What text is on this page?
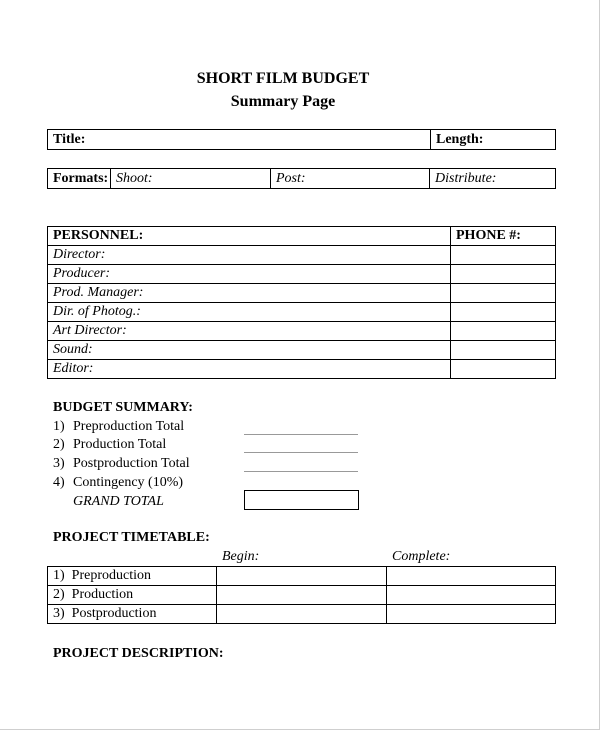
SHORT FILM BUDGET
Summary Page
Title:	Length:
Formats: Shoot:	Post:	Distribute:
PERSONNEL:	PHONE #:
Director:	
Producer:	
Prod. Manager:	
Dir. of Photog.:	
Art Director:	
Sound:	
Editor:	
BUDGET SUMMARY:
1) Preproduction Total
2) Production Total
3) Postproduction Total
4) Contingency (10%)
GRAND TOTAL
PROJECT TIMETABLE:
Begin:	Complete:
1) Preproduction		
2) Production		
3) Postproduction		
PROJECT DESCRIPTION:
